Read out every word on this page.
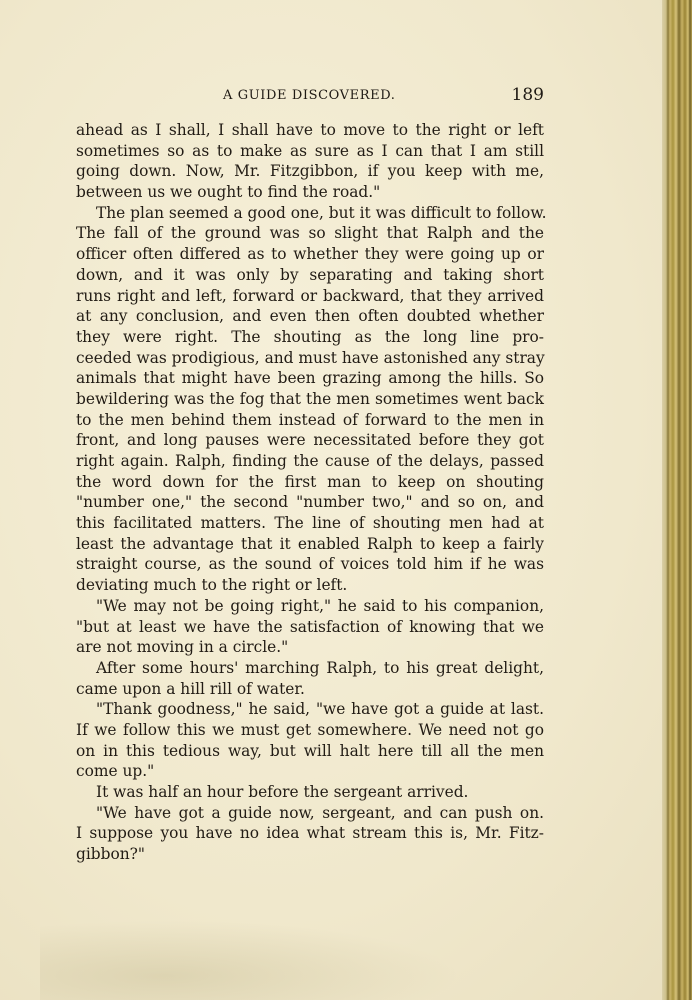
A GUIDE DISCOVERED.	189
ahead as I shall, I shall have to move to the right or left
sometimes so as to make as sure as I can that I am still
going down. Now, Mr. Fitzgibbon, if you keep with me,
between us we ought to find the road."
The plan seemed a good one, but it was difficult to follow.
The fall of the ground was so slight that Ralph and the
officer often differed as to whether they were going up or
down, and it was only by separating and taking short
runs right and left, forward or backward, that they arrived
at any conclusion, and even then often doubted whether
they were right. The shouting as the long line pro-
ceeded was prodigious, and must have astonished any stray
animals that might have been grazing among the hills. So
bewildering was the fog that the men sometimes went back
to the men behind them instead of forward to the men in
front, and long pauses were necessitated before they got
right again. Ralph, finding the cause of the delays, passed
the word down for the first man to keep on shouting
"number one," the second "number two," and so on, and
this facilitated matters. The line of shouting men had at
least the advantage that it enabled Ralph to keep a fairly
straight course, as the sound of voices told him if he was
deviating much to the right or left.
"We may not be going right," he said to his companion,
"but at least we have the satisfaction of knowing that we
are not moving in a circle."
After some hours' marching Ralph, to his great delight,
came upon a hill rill of water.
"Thank goodness," he said, "we have got a guide at last.
If we follow this we must get somewhere. We need not go
on in this tedious way, but will halt here till all the men
come up."
It was half an hour before the sergeant arrived.
"We have got a guide now, sergeant, and can push on.
I suppose you have no idea what stream this is, Mr. Fitz-
gibbon?"
